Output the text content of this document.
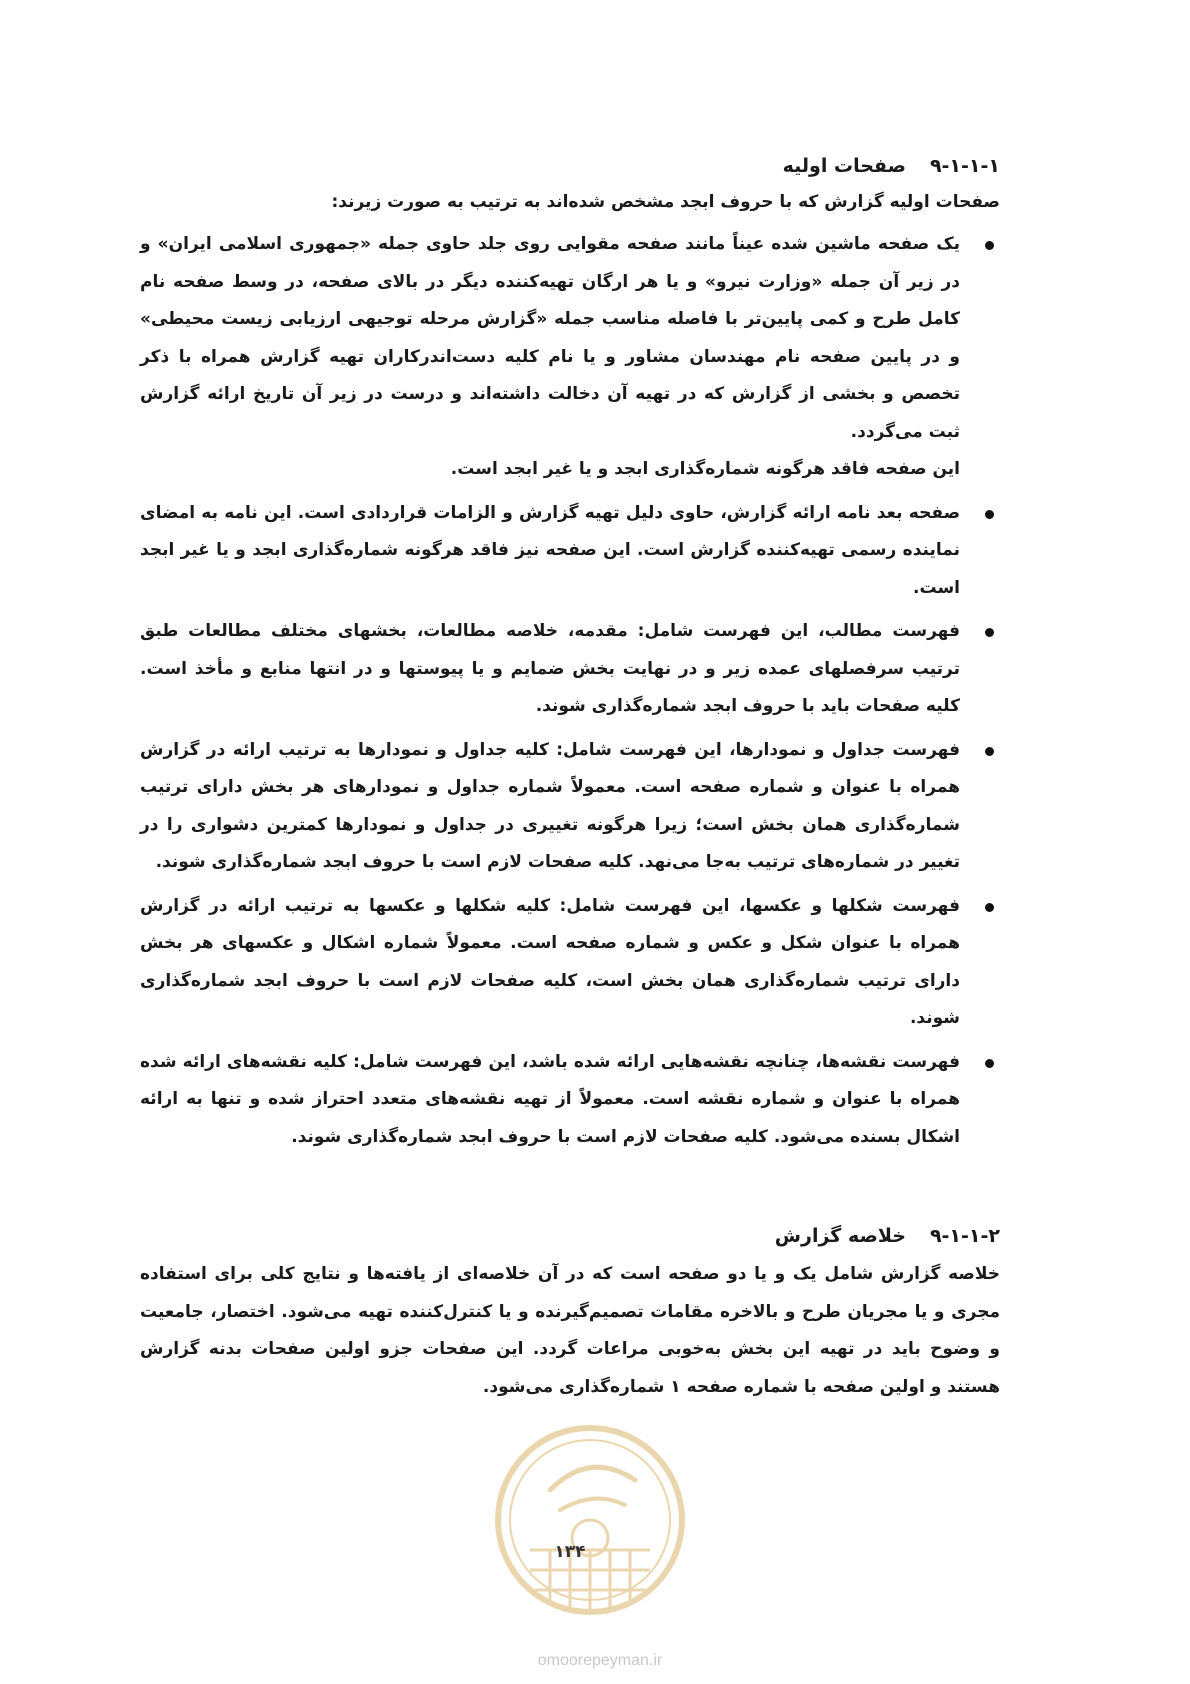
۹-۱-۱-۱
صفحات اولیه

صفحات اولیه گزارش که با حروف ابجد مشخص شده‌اند به ترتیب به صورت زیرند:

یک صفحه ماشین شده عیناً مانند صفحه مقوایی روی جلد حاوی جمله «جمهوری اسلامی ایران» و در زیر آن جمله «وزارت نیرو» و یا هر ارگان تهیه‌کننده دیگر در بالای صفحه، در وسط صفحه نام کامل طرح و کمی پایین‌تر با فاصله مناسب جمله «گزارش مرحله توجیهی ارزیابی زیست محیطی» و در پایین صفحه نام مهندسان مشاور و یا نام کلیه دست‌اندرکاران تهیه گزارش همراه با ذکر تخصص و بخشی از گزارش که در تهیه آن دخالت داشته‌اند و درست در زیر آن تاریخ ارائه گزارش ثبت می‌گردد.

این صفحه فاقد هرگونه شماره‌گذاری ابجد و یا غیر ابجد است.

صفحه بعد نامه ارائه گزارش، حاوی دلیل تهیه گزارش و الزامات قراردادی است. این نامه به امضای نماینده رسمی تهیه‌کننده گزارش است. این صفحه نیز فاقد هرگونه شماره‌گذاری ابجد و یا غیر ابجد است.

فهرست مطالب، این فهرست شامل: مقدمه، خلاصه مطالعات، بخشهای مختلف مطالعات طبق ترتیب سرفصلهای عمده زیر و در نهایت بخش ضمایم و یا پیوستها و در انتها منابع و مأخذ است. کلیه صفحات باید با حروف ابجد شماره‌گذاری شوند.

فهرست جداول و نمودارها، این فهرست شامل: کلیه جداول و نمودارها به ترتیب ارائه در گزارش همراه با عنوان و شماره صفحه است. معمولاً شماره جداول و نمودارهای هر بخش دارای ترتیب شماره‌گذاری همان بخش است؛ زیرا هرگونه تغییری در جداول و نمودارها کمترین دشواری را در تغییر در شماره‌های ترتیب به‌جا می‌نهد. کلیه صفحات لازم است با حروف ابجد شماره‌گذاری شوند.

فهرست شکلها و عکسها، این فهرست شامل: کلیه شکلها و عکسها به ترتیب ارائه در گزارش همراه با عنوان شکل و عکس و شماره صفحه است. معمولاً شماره اشکال و عکسهای هر بخش دارای ترتیب شماره‌گذاری همان بخش است، کلیه صفحات لازم است با حروف ابجد شماره‌گذاری شوند.

فهرست نقشه‌ها، چنانچه نقشه‌هایی ارائه شده باشد، این فهرست شامل: کلیه نقشه‌های ارائه شده همراه با عنوان و شماره نقشه است. معمولاً از تهیه نقشه‌های متعدد احتراز شده و تنها به ارائه اشکال بسنده می‌شود. کلیه صفحات لازم است با حروف ابجد شماره‌گذاری شوند.

۹-۱-۱-۲
خلاصه گزارش

خلاصه گزارش شامل یک و یا دو صفحه است که در آن خلاصه‌ای از یافته‌ها و نتایج کلی برای استفاده مجری و یا مجریان طرح و بالاخره مقامات تصمیم‌گیرنده و یا کنترل‌کننده تهیه می‌شود. اختصار، جامعیت و وضوح باید در تهیه این بخش به‌خوبی مراعات گردد. این صفحات جزو اولین صفحات بدنه گزارش هستند و اولین صفحه با شماره صفحه ۱ شماره‌گذاری می‌شود.

۱۳۴
omoorepeyman.ir
